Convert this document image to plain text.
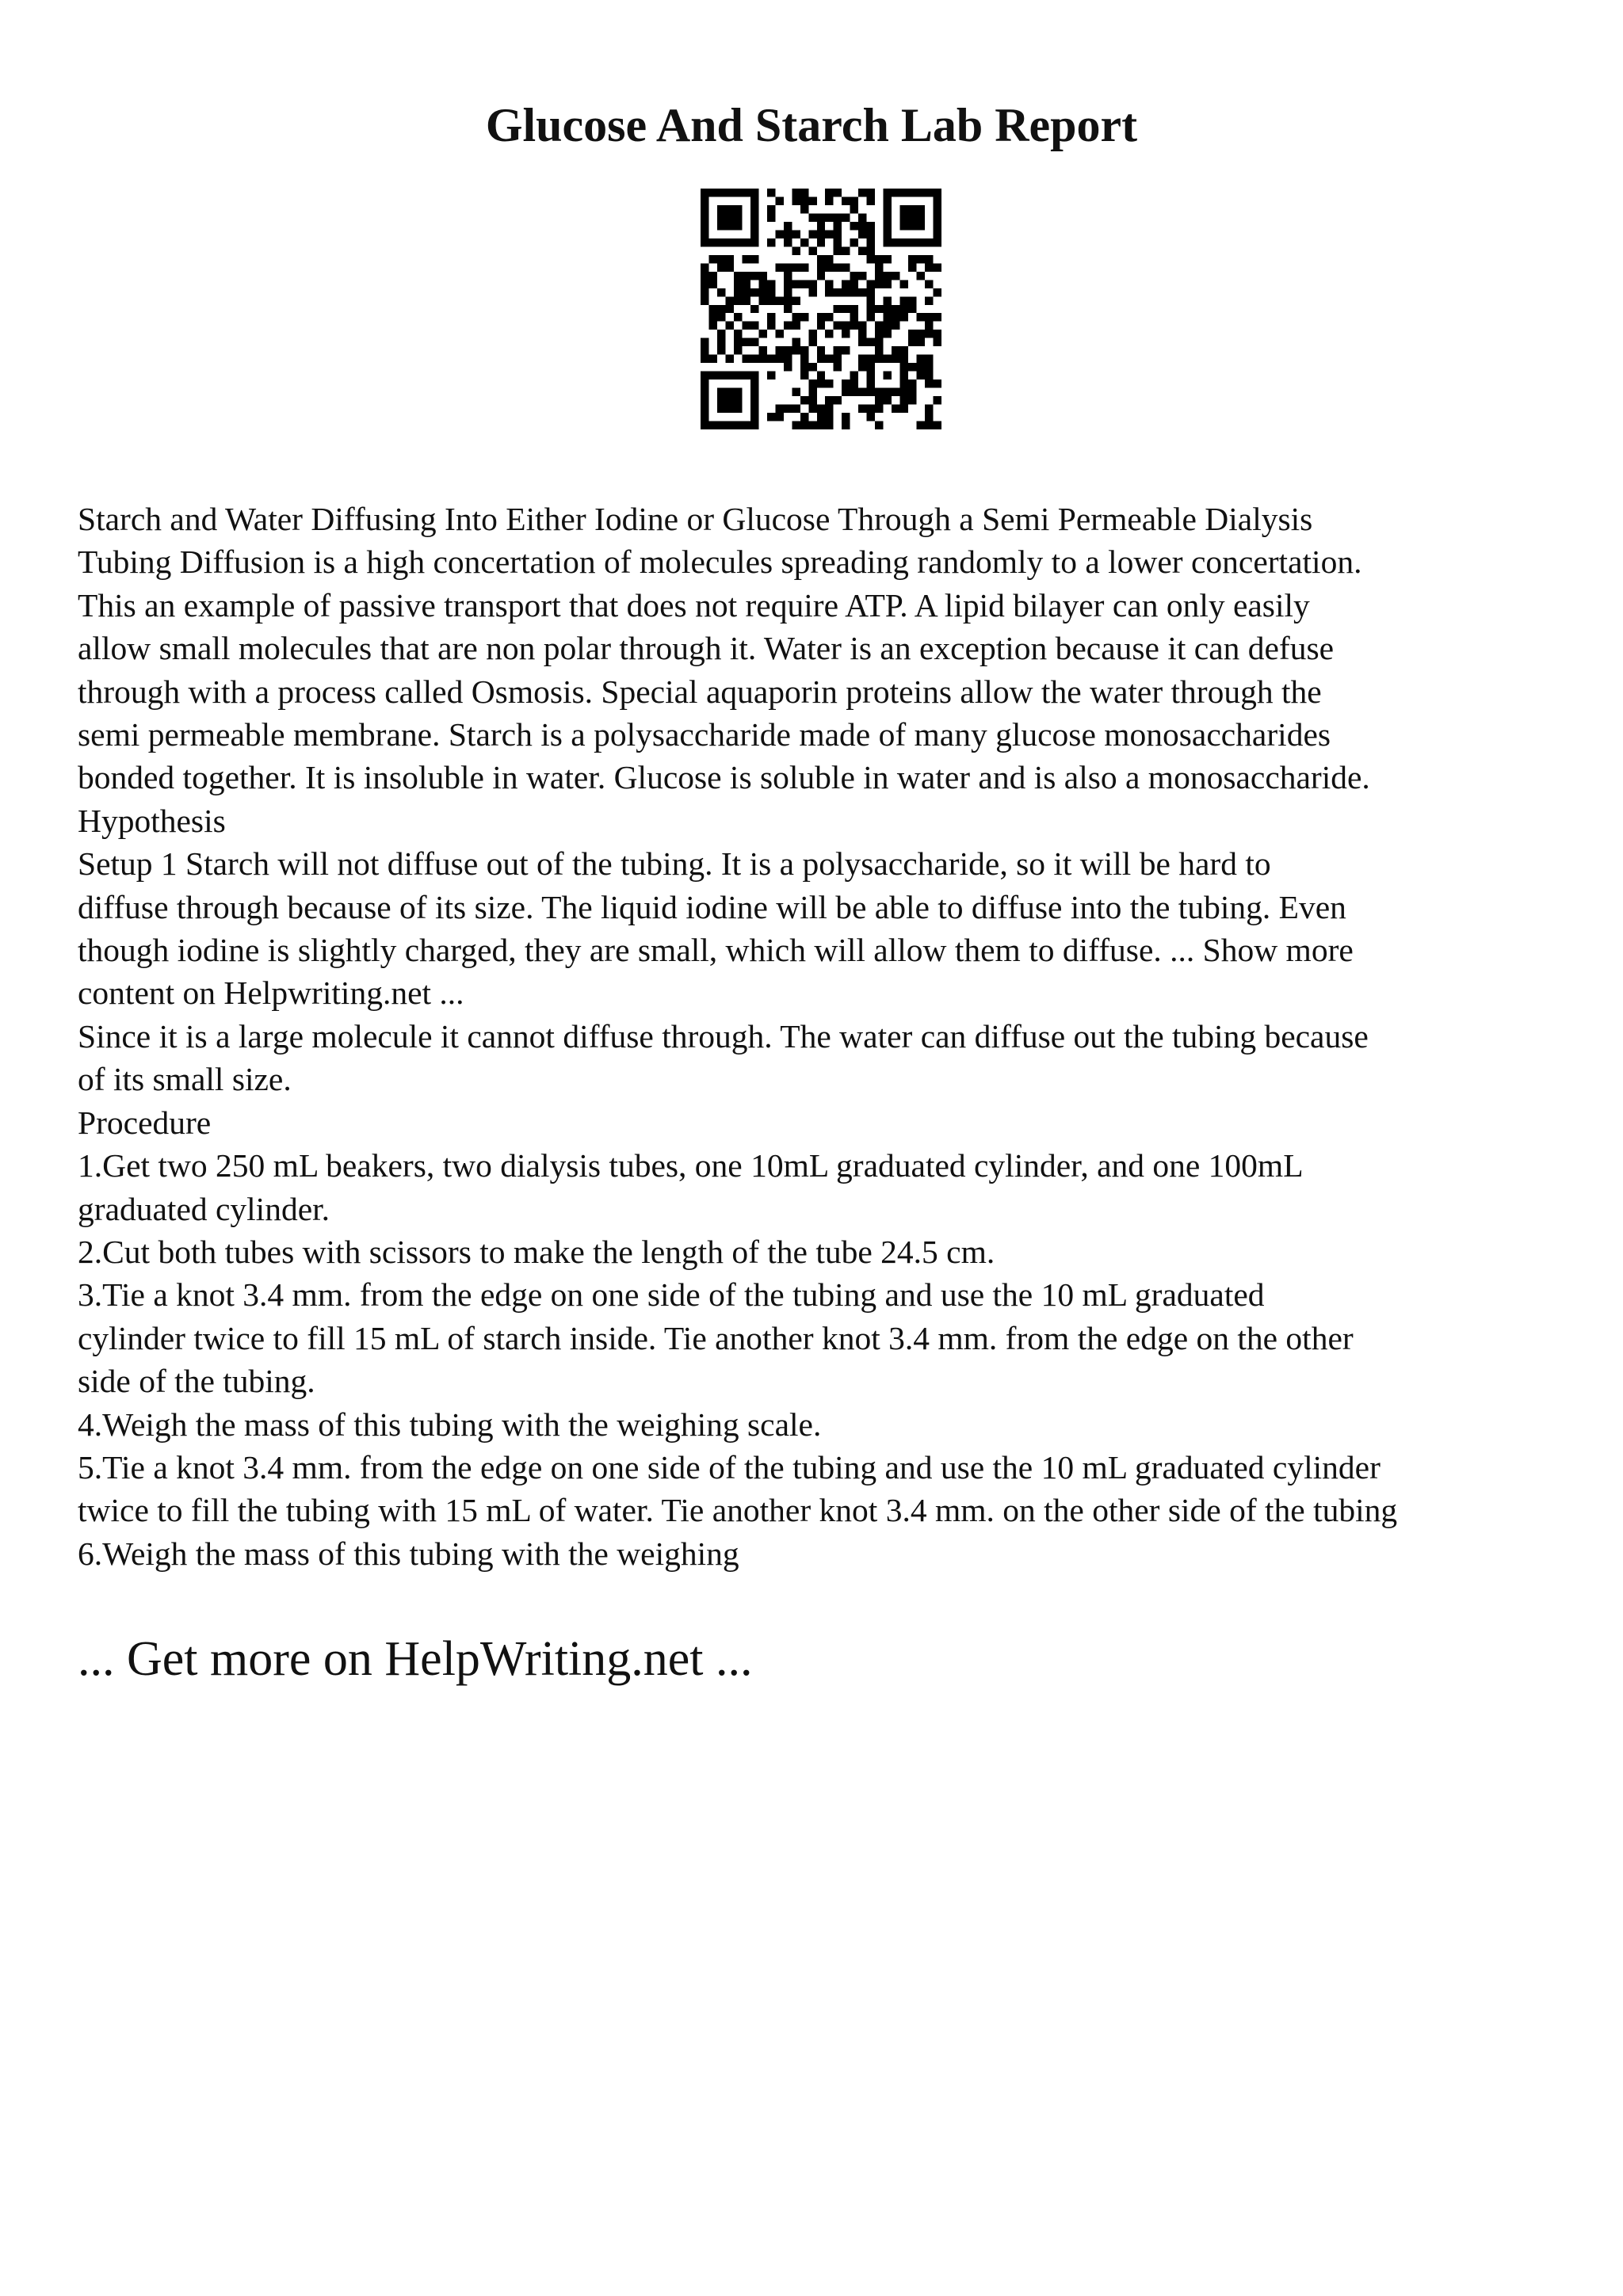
Glucose And Starch Lab Report
Starch and Water Diffusing Into Either Iodine or Glucose Through a Semi Permeable Dialysis
Tubing Diffusion is a high concertation of molecules spreading randomly to a lower concertation.
This an example of passive transport that does not require ATP. A lipid bilayer can only easily
allow small molecules that are non polar through it. Water is an exception because it can defuse
through with a process called Osmosis. Special aquaporin proteins allow the water through the
semi permeable membrane. Starch is a polysaccharide made of many glucose monosaccharides
bonded together. It is insoluble in water. Glucose is soluble in water and is also a monosaccharide.
Hypothesis
Setup 1 Starch will not diffuse out of the tubing. It is a polysaccharide, so it will be hard to
diffuse through because of its size. The liquid iodine will be able to diffuse into the tubing. Even
though iodine is slightly charged, they are small, which will allow them to diffuse. ... Show more
content on Helpwriting.net ...
Since it is a large molecule it cannot diffuse through. The water can diffuse out the tubing because
of its small size.
Procedure
1.Get two 250 mL beakers, two dialysis tubes, one 10mL graduated cylinder, and one 100mL
graduated cylinder.
2.Cut both tubes with scissors to make the length of the tube 24.5 cm.
3.Tie a knot 3.4 mm. from the edge on one side of the tubing and use the 10 mL graduated
cylinder twice to fill 15 mL of starch inside. Tie another knot 3.4 mm. from the edge on the other
side of the tubing.
4.Weigh the mass of this tubing with the weighing scale.
5.Tie a knot 3.4 mm. from the edge on one side of the tubing and use the 10 mL graduated cylinder
twice to fill the tubing with 15 mL of water. Tie another knot 3.4 mm. on the other side of the tubing
6.Weigh the mass of this tubing with the weighing

... Get more on HelpWriting.net ...
